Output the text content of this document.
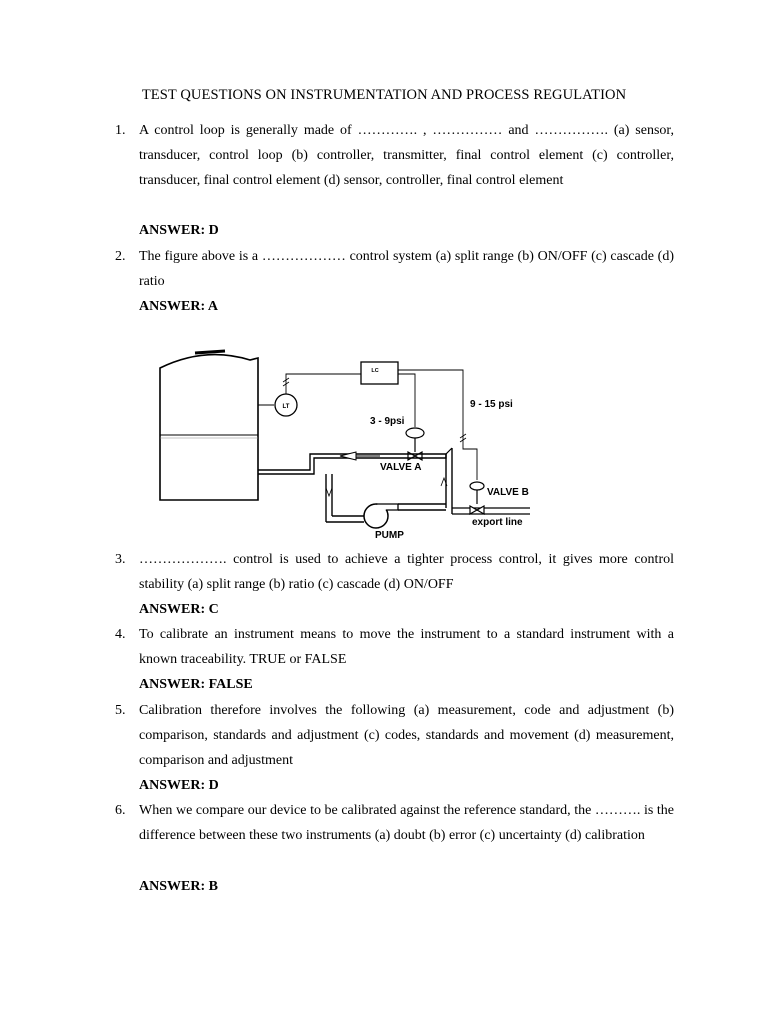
TEST QUESTIONS ON INSTRUMENTATION AND PROCESS REGULATION
1. A control loop is generally made of …………. , …………… and ……………. (a) sensor, transducer, control loop (b) controller, transmitter, final control element (c) controller, transducer, final control element (d) sensor, controller, final control element
ANSWER: D
2. The figure above is a ……………… control system (a) split range (b) ON/OFF (c) cascade (d) ratio
ANSWER: A
LT
LC
3 - 9psi
9 - 15 psi
VALVE A
PUMP
VALVE B
export line
3. ………………. control is used to achieve a tighter process control, it gives more control stability (a) split range (b) ratio (c) cascade (d) ON/OFF
ANSWER: C
4. To calibrate an instrument means to move the instrument to a standard instrument with a known traceability. TRUE or FALSE
ANSWER: FALSE
5. Calibration therefore involves the following (a) measurement, code and adjustment (b) comparison, standards and adjustment (c) codes, standards and movement (d) measurement, comparison and adjustment
ANSWER: D
6. When we compare our device to be calibrated against the reference standard, the ………. is the difference between these two instruments (a) doubt (b) error (c) uncertainty (d) calibration
ANSWER: B
